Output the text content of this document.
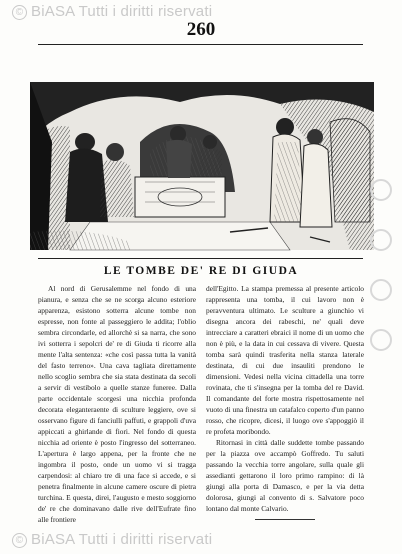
© BiASA Tutti i diritti riservati
260
LE TOMBE DE' RE DI GIUDA

Al nord di Gerusalemme nel fondo di una pianura, e senza che se ne scorga alcuno esteriore apparenza, esistono sotterra alcune tombe non espresse, non fonte al passeggiero le addita; l'oblio sembra circondarle, ed allorchè si sa narra, che sono ivi sotterra i sepolcri de' re di Giuda ti ricorre alla mente l'alta sentenza: «che così passa tutta la vanità del fasto terreno». Una cava tagliata direttamente nello scoglio sembra che sia stata destinata da secoli a servir di vestibolo a quelle stanze funeree. Dalla parte occidentale scorgesi una nicchia profonda decorata eleganteraente di sculture leggiere, ove si osservano figure di fanciulli paffuti, e grappoli d'uva appiccati a ghirlande di fiori. Nel fondo di questa nicchia ad oriente è posto l'ingresso del sotterraneo. L'apertura è largo appena, per la fronte che ne ingombra il posto, onde un uomo vi si tragga carpendosi: al chiaro tre di una face si accede, e si penetra finalmente in alcune camere oscure di pietra turchina. E questa, direi, l'augusto e mesto soggiorno de' re che dominavano dalle rive dell'Eufrate fino alle frontiere

dell'Egitto. La stampa premessa al presente articolo rappresenta una tomba, il cui lavoro non è peravventura ultimato. Le sculture a giunchio vi disegna ancora dei rabeschi, ne' quali deve intrecciare a caratteri ebraici il nome di un uomo che non è più, e la data in cui cessava di vivere. Questa tomba sarà quindi trasferita nella stanza laterale destinata, di cui due insauliti prendono le dimensioni. Vedesi nella vicina cittadella una torre rovinata, che ti s'insegna per la tomba del re David. Il comandante del forte mostra rispettosamente nel vuoto di una finestra un catafalco coperto d'un panno rosso, che ricopre, dicesi, il luogo ove s'appoggiò il re profeta moribondo.

Ritornasi in città dalle suddette tombe passando per la piazza ove accampò Goffredo. Tu saluti passando la vecchia torre angolare, sulla quale gli assedianti gettarono il loro primo rampino: di là giungi alla porta di Damasco, e per la via detta dolorosa, giungi al convento di s. Salvatore poco lontano dal monte Calvario.

© BiASA Tutti i diritti riservati
